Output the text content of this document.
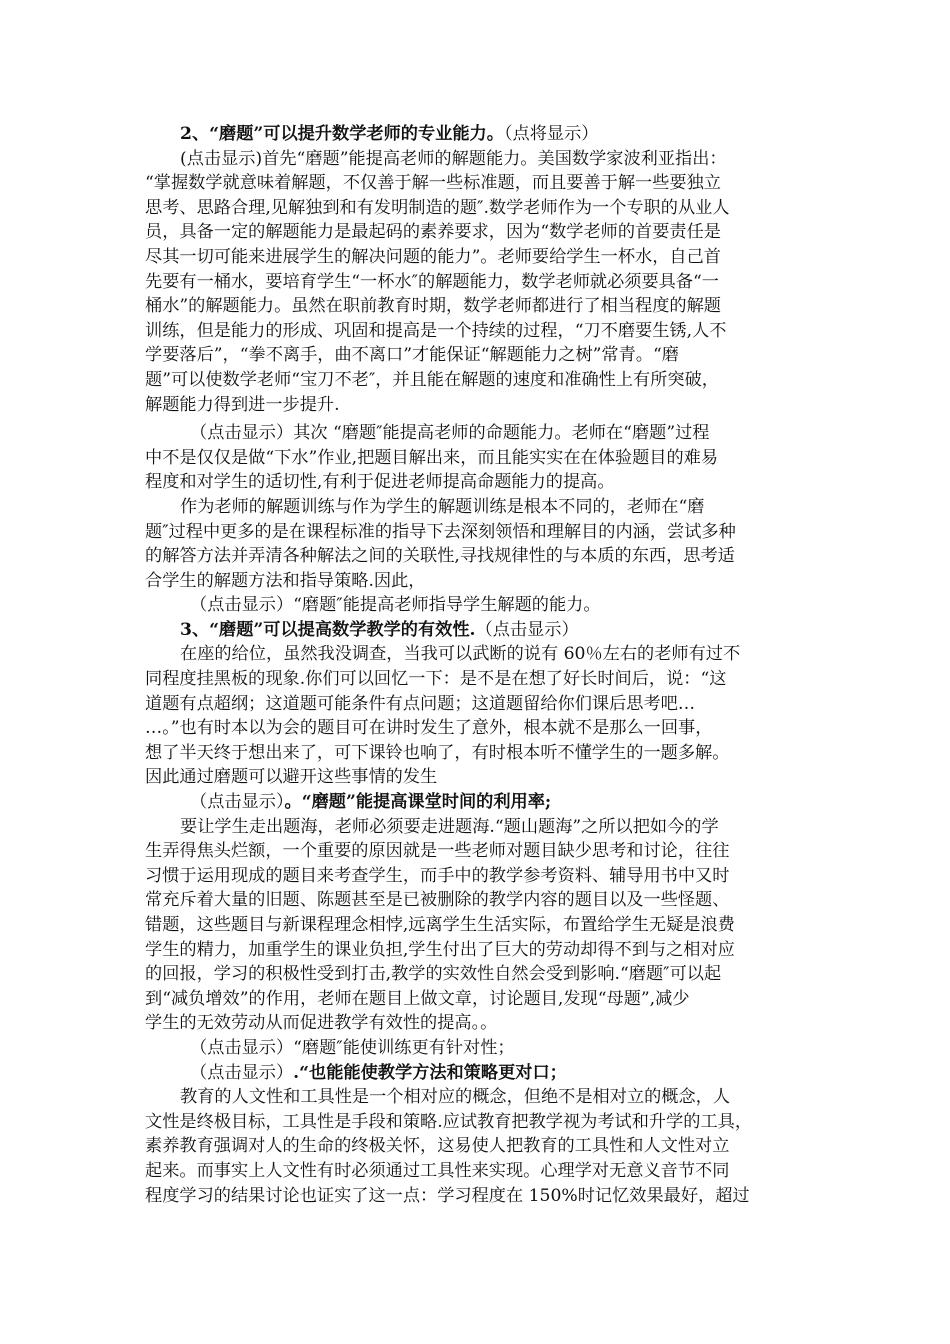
2、“磨题”可以提升数学老师的专业能力。（点将显示）
(点击显示)首先“磨题”能提高老师的解题能力。美国数学家波利亚指出：
“掌握数学就意味着解题，不仅善于解一些标准题，而且要善于解一些要独立
思考、思路合理,见解独到和有发明制造的题″.数学老师作为一个专职的从业人
员，具备一定的解题能力是最起码的素养要求，因为“数学老师的首要责任是
尽其一切可能来进展学生的解决问题的能力”。老师要给学生一杯水，自己首
先要有一桶水，要培育学生“一杯水″的解题能力，数学老师就必须要具备“一
桶水”的解题能力。虽然在职前教育时期，数学老师都进行了相当程度的解题
训练，但是能力的形成、巩固和提高是一个持续的过程，“刀不磨要生锈,人不
学要落后”，“拳不离手，曲不离口”才能保证“解题能力之树”常青。“磨
题”可以使数学老师“宝刀不老″，并且能在解题的速度和准确性上有所突破，
解题能力得到进一步提升.
（点击显示）其次 “磨题″能提高老师的命题能力。老师在“磨题”过程
中不是仅仅是做“下水”作业,把题目解出来，而且能实实在在体验题目的难易
程度和对学生的适切性,有利于促进老师提高命题能力的提高。
作为老师的解题训练与作为学生的解题训练是根本不同的，老师在“磨
题″过程中更多的是在课程标准的指导下去深刻领悟和理解目的内涵，尝试多种
的解答方法并弄清各种解法之间的关联性,寻找规律性的与本质的东西，思考适
合学生的解题方法和指导策略.因此，
（点击显示）“磨题″能提高老师指导学生解题的能力。
3、“磨题”可以提高数学教学的有效性.（点击显示）
在座的给位，虽然我没调查，当我可以武断的说有 60％左右的老师有过不
同程度挂黑板的现象.你们可以回忆一下：是不是在想了好长时间后，说：“这
道题有点超纲；这道题可能条件有点问题；这道题留给你们课后思考吧…
…。”也有时本以为会的题目可在讲时发生了意外，根本就不是那么一回事，
想了半天终于想出来了，可下课铃也响了，有时根本听不懂学生的一题多解。
因此通过磨题可以避开这些事情的发生
（点击显示）。“磨题”能提高课堂时间的利用率;
要让学生走出题海，老师必须要走进题海.“题山题海”之所以把如今的学
生弄得焦头烂额，一个重要的原因就是一些老师对题目缺少思考和讨论，往往
习惯于运用现成的题目来考查学生，而手中的教学参考资料、辅导用书中又时
常充斥着大量的旧题、陈题甚至是已被删除的教学内容的题目以及一些怪题、
错题，这些题目与新课程理念相悖,远离学生生活实际，布置给学生无疑是浪费
学生的精力，加重学生的课业负担,学生付出了巨大的劳动却得不到与之相对应
的回报，学习的积极性受到打击,教学的实效性自然会受到影响.“磨题″可以起
到“减负增效”的作用，老师在题目上做文章，讨论题目,发现“母题”,减少
学生的无效劳动从而促进教学有效性的提高。。
（点击显示）“磨题″能使训练更有针对性；
（点击显示）.“也能能使教学方法和策略更对口；
教育的人文性和工具性是一个相对应的概念，但绝不是相对立的概念，人
文性是终极目标，工具性是手段和策略.应试教育把教学视为考试和升学的工具，
素养教育强调对人的生命的终极关怀，这易使人把教育的工具性和人文性对立
起来。而事实上人文性有时必须通过工具性来实现。心理学对无意义音节不同
程度学习的结果讨论也证实了这一点：学习程度在 150%时记忆效果最好，超过
